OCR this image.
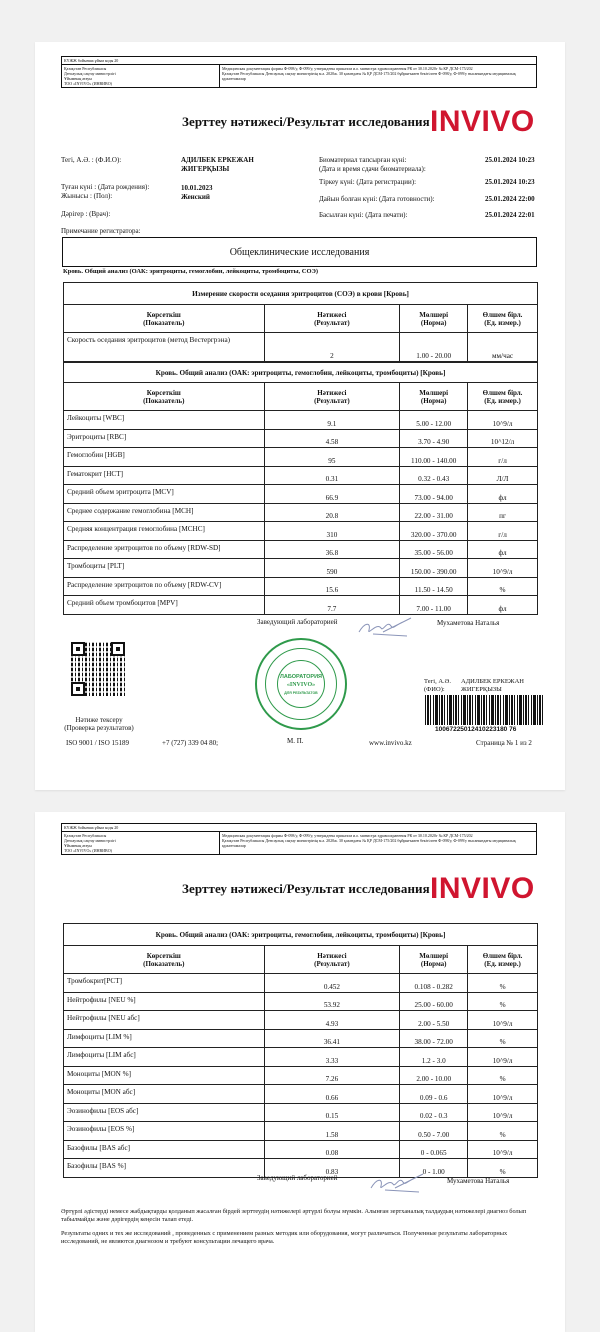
КҮЖЖ бойынша ұйым коды 20
Қазақстан Республикасы
Денсаулық сақтау министрлігі
Ұйымның атауы
ТОО «INVIVO» (ИНВИВО)
Медицинская документация формы Ф-098/у, Ф-099/у, утверждены приказом и.о. министра здравоохранения РК от 30.10.2020г № КР ДСМ-175/202
Қазақстан Республикасы Денсаулық сақтау министрінің м.а. 2020ж. 30 қазандағы № ҚР ДСМ-175/202 бұйрығымен бекітілген Ф-098/у, Ф-099/у нысанындағы медициналық құжаттамалар
Зерттеу нәтижесі/Результат исследования INVIVO
Тегі, А.Ә. : (Ф.И.О):	АДИЛБЕК ЕРКЕЖАН
ЖИГЕРҚЫЗЫ
Туған күні : (Дата рождения):	10.01.2023
Жынысы : (Пол):	Женский
Дәрігер : (Врач):
Примечание регистратора:
Биоматериал тапсырған күні:
(Дата и время сдачи биоматериала):
25.01.2024 10:23
Тіркеу күні: (Дата регистрации):	25.01.2024 10:23
Дайын болған күні: (Дата готовности):	25.01.2024 22:00
Басылған күні: (Дата печати):	25.01.2024 22:01
Общеклинические исследования
Кровь. Общий анализ (ОАК: эритроциты, гемоглобин, лейкоциты, тромбоциты, СОЭ)
Измерение скорости оседания эритроцитов (СОЭ) в крови [Кровь]			
Көрсеткіш
(Показатель)	Нәтижесі
(Результат)	Мөлшері
(Норма)	Өлшем бірл.
(Ед. измер.)
Скорость оседания эритроцитов (метод Вестергрэна)	2	1.00 - 20.00	мм/час
Кровь. Общий анализ (ОАК: эритроциты, гемоглобин, лейкоциты, тромбоциты) [Кровь]			
Көрсеткіш
(Показатель)	Нәтижесі
(Результат)	Мөлшері
(Норма)	Өлшем бірл.
(Ед. измер.)
Лейкоциты [WBC]	9.1	5.00 - 12.00	10^9/л
Эритроциты [RBC]	4.58	3.70 - 4.90	10^12/л
Гемоглобин [HGB]	95	110.00 - 140.00	г/л
Гематокрит [HCT]	0.31	0.32 - 0.43	Л/Л
Средний объем эритроцита [MCV]	66.9	73.00 - 94.00	фл
Среднее содержание гемоглобина [MCH]	20.8	22.00 - 31.00	пг
Средняя концентрация гемоглобина [MCHC]	310	320.00 - 370.00	г/л
Распределение эритроцитов по объему [RDW-SD]	36.8	35.00 - 56.00	фл
Тромбоциты [PLT]	590	150.00 - 390.00	10^9/л
Распределение эритроцитов по объему [RDW-CV]	15.6	11.50 - 14.50	%
Средний объем тромбоцитов [MPV]	7.7	7.00 - 11.00	фл
Заведующий лабораторией	Мухаметова Наталья
Нәтиже тексеру
(Проверка результатов)
ЛАБОРАТОРИЯ
«INVIVO»
ДЛЯ РЕЗУЛЬТАТОВ
М. П.
Тегі, А.Ә.
(ФИО):
АДИЛБЕК ЕРКЕЖАН
ЖИГЕРҚЫЗЫ
10067225012410223180 76
ISO 9001 / ISO 15189	+7 (727) 339 04 80;	www.invivo.kz	Страница № 1 из 2
КҮЖЖ бойынша ұйым коды 20
Қазақстан Республикасы
Денсаулық сақтау министрлігі
Ұйымның атауы
ТОО «INVIVO» (ИНВИВО)
Медицинская документация формы Ф-098/у, Ф-099/у, утверждены приказом и.о. министра здравоохранения РК от 30.10.2020г № КР ДСМ-175/202
Қазақстан Республикасы Денсаулық сақтау министрінің м.а. 2020ж. 30 қазандағы № ҚР ДСМ-175/202 бұйрығымен бекітілген Ф-098/у, Ф-099/у нысанындағы медициналық құжаттамалар
Зерттеу нәтижесі/Результат исследования INVIVO
Кровь. Общий анализ (ОАК: эритроциты, гемоглобин, лейкоциты, тромбоциты) [Кровь]			
Көрсеткіш
(Показатель)	Нәтижесі
(Результат)	Мөлшері
(Норма)	Өлшем бірл.
(Ед. измер.)
Тромбокрит[PCT]	0.452	0.108 - 0.282	%
Нейтрофилы [NEU %]	53.92	25.00 - 60.00	%
Нейтрофилы [NEU абс]	4.93	2.00 - 5.50	10^9/л
Лимфоциты [LIM %]	36.41	38.00 - 72.00	%
Лимфоциты [LIM абс]	3.33	1.2 - 3.0	10^9/л
Моноциты [MON %]	7.26	2.00 - 10.00	%
Моноциты [MON абс]	0.66	0.09 - 0.6	10^9/л
Эозинофилы [EOS абс]	0.15	0.02 - 0.3	10^9/л
Эозинофилы [EOS %]	1.58	0.50 - 7.00	%
Базофилы [BAS абс]	0.08	0 - 0.065	10^9/л
Базофилы [BAS %]	0.83	0 - 1.00	%
Заведующий лабораторией	Мухаметова Наталья
Әртүрлі әдістерді немесе жабдықтарды қолданып жасалған бірдей зерттеудің нәтижелері әртүрлі болуы мүмкін. Алынған зертханалық талдаудың нәтижелері диагноз болып табылмайды және дәрігердің кеңесін талап етеді.
Результаты одних и тех же исследований , проведенных с применением разных методик или оборудования, могут различаться. Полученные результаты лабораторных исследований, не являются диагнозом и требуют консультации лечащего врача.
